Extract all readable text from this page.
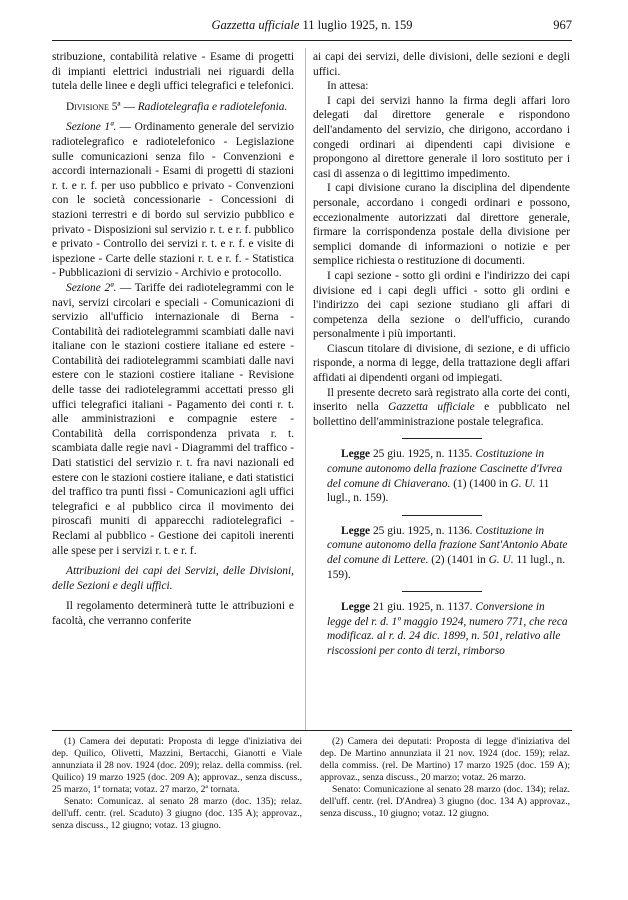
Gazzetta ufficiale 11 luglio 1925, n. 159	967

stribuzione, contabilità relative - Esame di progetti di impianti elettrici industriali nei riguardi della tutela delle linee e degli uffici telegrafici e telefonici.

Divisione 5ª — Radiotelegrafia e radiotelefonia.

Sezione 1ª. — Ordinamento generale del servizio radiotelegrafico e radiotelefonico - Legislazione sulle comunicazioni senza filo - Convenzioni e accordi internazionali - Esami di progetti di stazioni r. t. e r. f. per uso pubblico e privato - Convenzioni con le società concessionarie - Concessioni di stazioni terrestri e di bordo sul servizio pubblico e privato - Disposizioni sul servizio r. t. e r. f. pubblico e privato - Controllo dei servizi r. t. e r. f. e visite di ispezione - Carte delle stazioni r. t. e r. f. - Statistica - Pubblicazioni di servizio - Archivio e protocollo.

Sezione 2ª. — Tariffe dei radiotelegrammi con le navi, servizi circolari e speciali - Comunicazioni di servizio all'ufficio internazionale di Berna - Contabilità dei radiotelegrammi scambiati dalle navi italiane con le stazioni costiere italiane ed estere - Contabilità dei radiotelegrammi scambiati dalle navi estere con le stazioni costiere italiane - Revisione delle tasse dei radiotelegrammi accettati presso gli uffici telegrafici italiani - Pagamento dei conti r. t. alle amministrazioni e compagnie estere - Contabilità della corrispondenza privata r. t. scambiata dalle regie navi - Diagrammi del traffico - Dati statistici del servizio r. t. fra navi nazionali ed estere con le stazioni costiere italiane, e dati statistici del traffico tra punti fissi - Comunicazioni agli uffici telegrafici e al pubblico circa il movimento dei piroscafi muniti di apparecchi radiotelegrafici - Reclami al pubblico - Gestione dei capitoli inerenti alle spese per i servizi r. t. e r. f.

Attribuzioni dei capi dei Servizi, delle Divisioni, delle Sezioni e degli uffici.

Il regolamento determinerà tutte le attribuzioni e facoltà, che verranno conferite

ai capi dei servizi, delle divisioni, delle sezioni e degli uffici.

In attesa:

I capi dei servizi hanno la firma degli affari loro delegati dal direttore generale e rispondono dell'andamento del servizio, che dirigono, accordano i congedi ordinari ai dipendenti capi divisione e propongono al direttore generale il loro sostituto per i casi di assenza o di legittimo impedimento.

I capi divisione curano la disciplina del dipendente personale, accordano i congedi ordinari e possono, eccezionalmente autorizzati dal direttore generale, firmare la corrispondenza postale della divisione per semplici domande di informazioni o notizie e per semplice richiesta o restituzione di documenti.

I capi sezione - sotto gli ordini e l'indirizzo dei capi divisione ed i capi degli uffici - sotto gli ordini e l'indirizzo dei capi sezione studiano gli affari di competenza della sezione o dell'ufficio, curando personalmente i più importanti.

Ciascun titolare di divisione, di sezione, e di ufficio risponde, a norma di legge, della trattazione degli affari affidati ai dipendenti organi od impiegati.

Il presente decreto sarà registrato alla corte dei conti, inserito nella Gazzetta ufficiale e pubblicato nel bollettino dell'amministrazione postale telegrafica.

Legge 25 giu. 1925, n. 1135. Costituzione in comune autonomo della frazione Cascinette d'Ivrea del comune di Chiaverano. (1) (1400 in G. U. 11 lugl., n. 159).

Legge 25 giu. 1925, n. 1136. Costituzione in comune autonomo della frazione Sant'Antonio Abate del comune di Lettere. (2) (1401 in G. U. 11 lugl., n. 159).

Legge 21 giu. 1925, n. 1137. Conversione in legge del r. d. 1º maggio 1924, numero 771, che reca modificaz. al r. d. 24 dic. 1899, n. 501, relativo alle riscossioni per conto di terzi, rimborso

(1) Camera dei deputati: Proposta di legge d'iniziativa dei dep. Quilico, Olivetti, Mazzini, Bertacchi, Gianotti e Viale annunziata il 28 nov. 1924 (doc. 209); relaz. della commiss. (rel. Quilico) 19 marzo 1925 (doc. 209 A); approvaz., senza discuss., 25 marzo, 1ª tornata; votaz. 27 marzo, 2ª tornata.

Senato: Comunicaz. al senato 28 marzo (doc. 135); relaz. dell'uff. centr. (rel. Scaduto) 3 giugno (doc. 135 A); approvaz., senza discuss., 12 giugno; votaz. 13 giugno.

(2) Camera dei deputati: Proposta di legge d'iniziativa del dep. De Martino annunziata il 21 nov. 1924 (doc. 159); relaz. della commiss. (rel. De Martino) 17 marzo 1925 (doc. 159 A); approvaz., senza discuss., 20 marzo; votaz. 26 marzo.

Senato: Comunicazione al senato 28 marzo (doc. 134); relaz. dell'uff. centr. (rel. D'Andrea) 3 giugno (doc. 134 A) approvaz., senza discuss., 10 giugno; votaz. 12 giugno.
